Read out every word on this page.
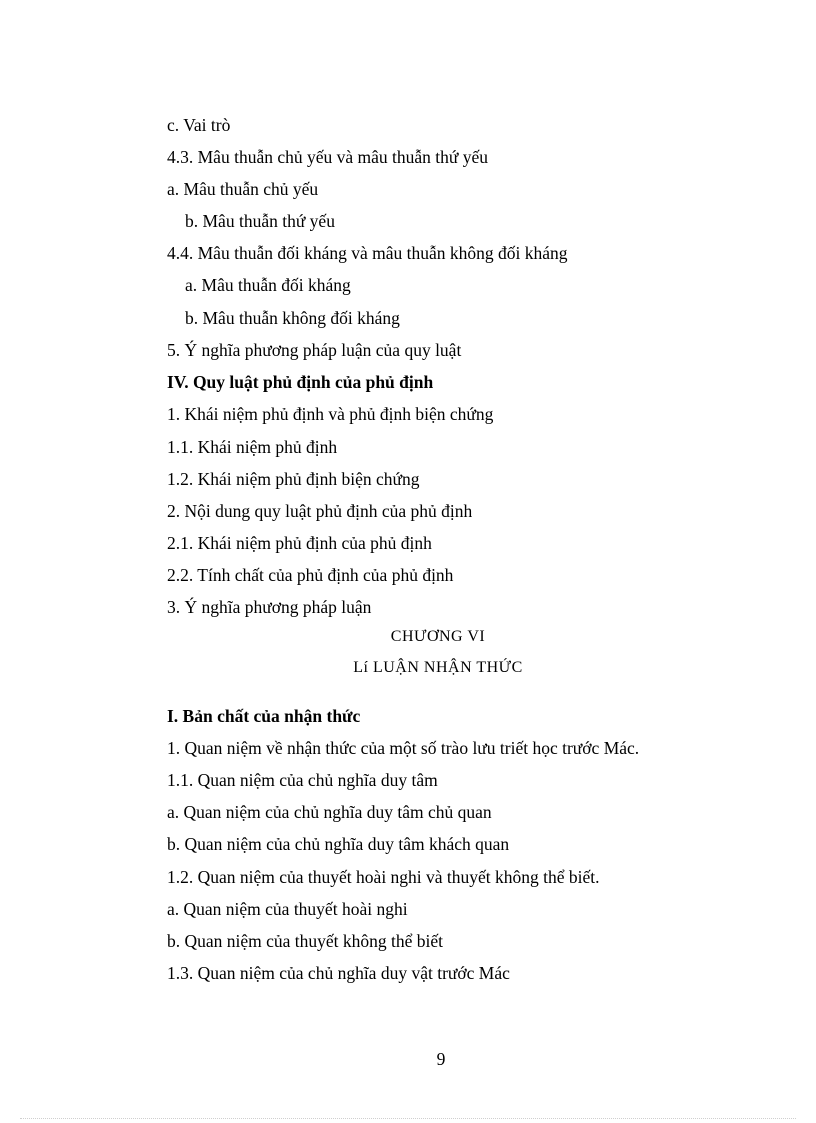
c. Vai trò
4.3. Mâu thuẫn chủ yếu và mâu thuẫn thứ yếu
a. Mâu thuẫn chủ yếu
b. Mâu thuẫn thứ yếu
4.4. Mâu thuẫn đối kháng và mâu thuẫn không đối kháng
a. Mâu thuẫn đối kháng
b. Mâu thuẫn không đối kháng
5. Ý nghĩa phương pháp luận của quy luật
IV. Quy luật phủ định của phủ định
1. Khái niệm phủ định và phủ định biện chứng
1.1. Khái niệm phủ định
1.2. Khái niệm phủ định biện chứng
2. Nội dung quy luật phủ định của phủ định
2.1. Khái niệm phủ định của phủ định
2.2. Tính chất của phủ định của phủ định
3. Ý nghĩa phương pháp luận
CHƯƠNG VI
Lí LUẬN NHẬN THỨC
I. Bản chất của nhận thức
1. Quan niệm về nhận thức của một số trào lưu triết học trước Mác.
1.1. Quan niệm của chủ nghĩa duy tâm
a. Quan niệm của chủ nghĩa duy tâm chủ quan
b. Quan niệm của chủ nghĩa duy tâm khách quan
1.2. Quan niệm của thuyết hoài nghi và thuyết không thể biết.
a. Quan niệm của thuyết hoài nghi
b. Quan niệm của thuyết không thể biết
1.3. Quan niệm của chủ nghĩa duy vật trước Mác
9
